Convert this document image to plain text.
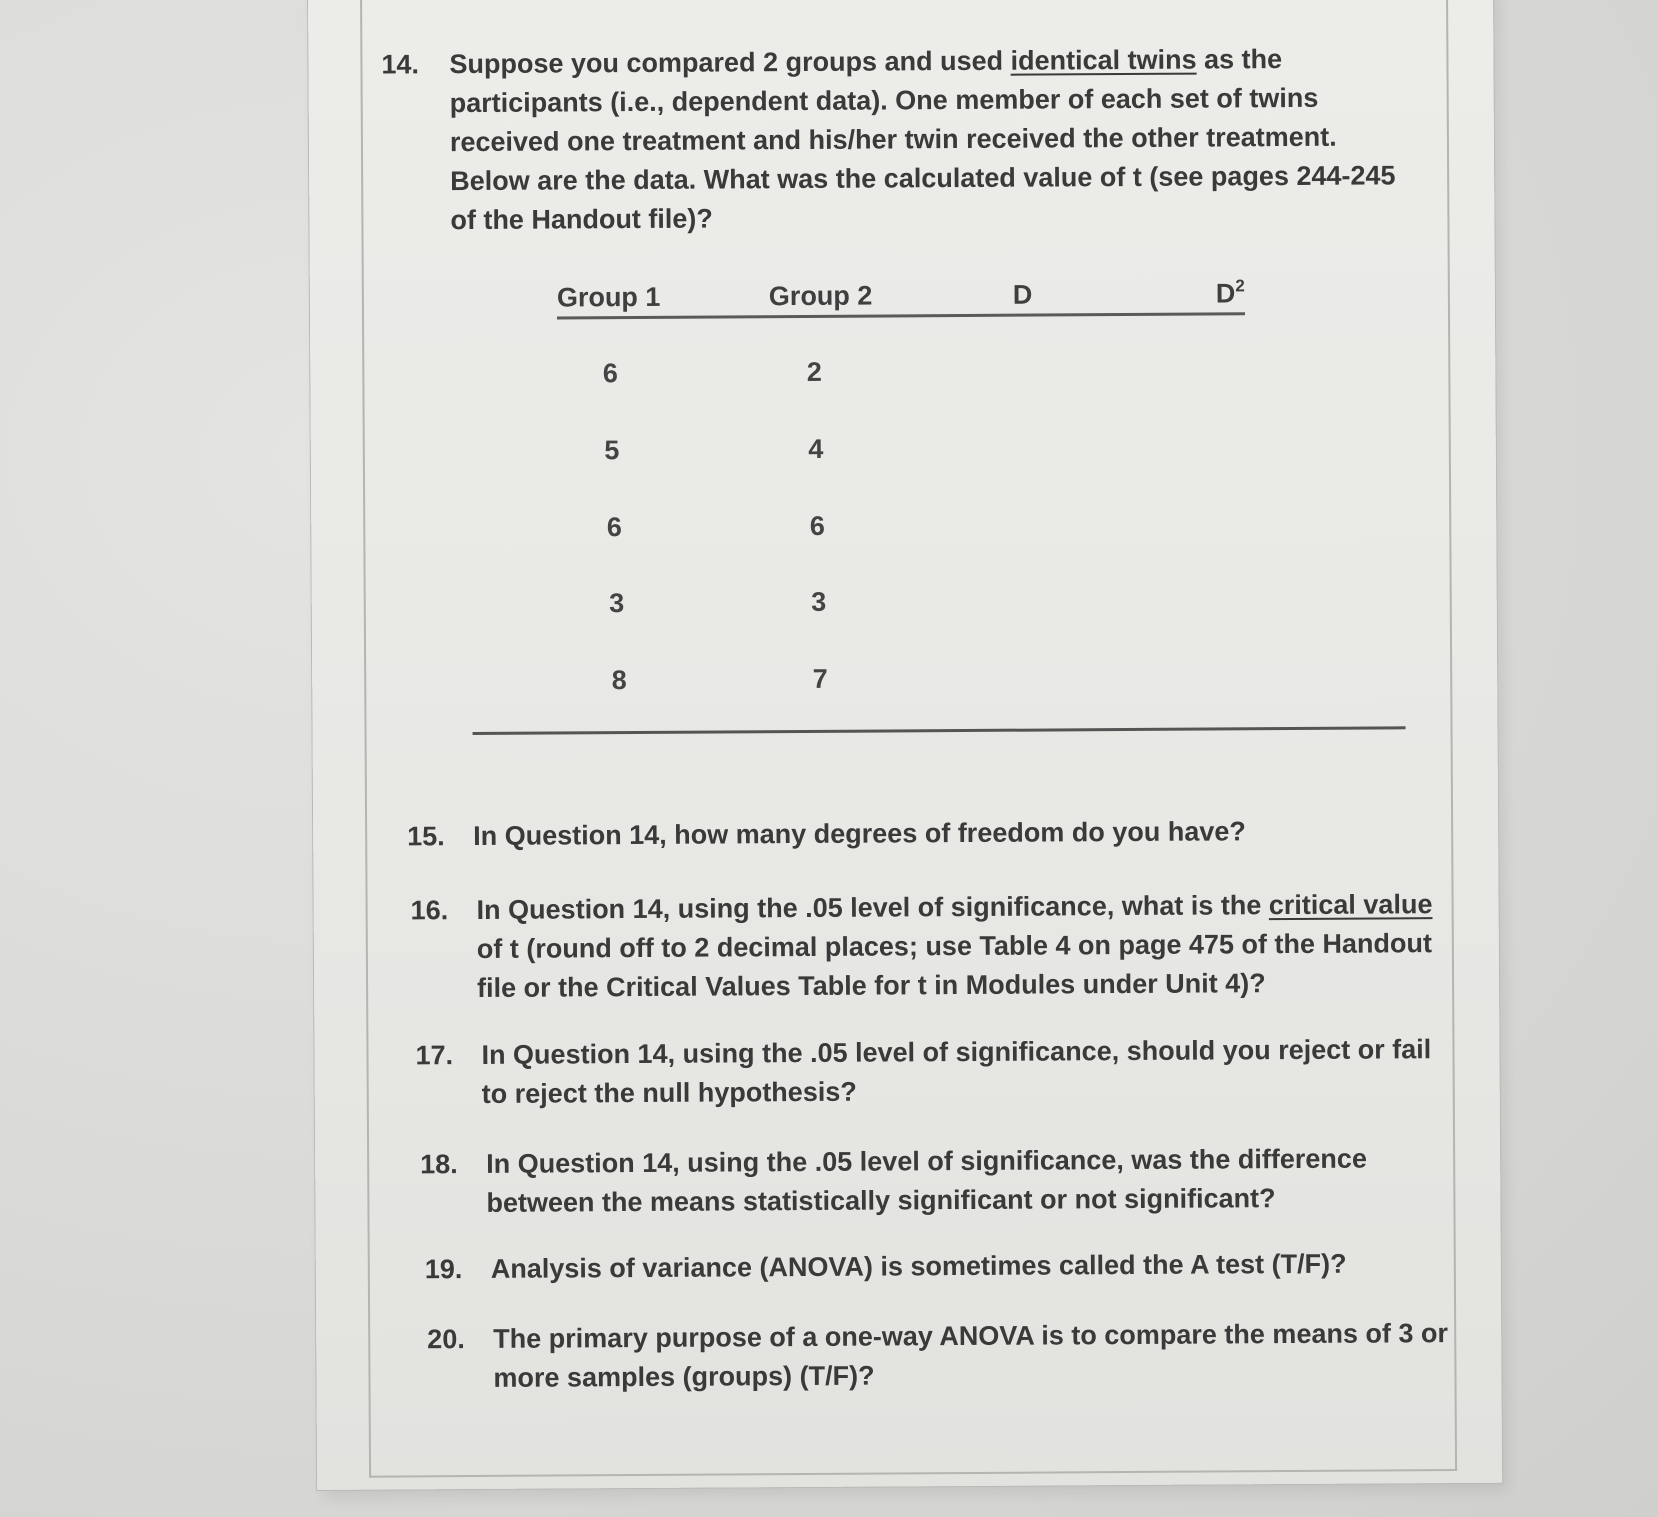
14. Suppose you compared 2 groups and used identical twins as the
participants (i.e., dependent data). One member of each set of twins
received one treatment and his/her twin received the other treatment.
Below are the data. What was the calculated value of t (see pages 244-245
of the Handout file)?
Group 1	Group 2	D	$D^2$
6	2
5	4
6	6
3	3
8	7
15. In Question 14, how many degrees of freedom do you have?
16. In Question 14, using the .05 level of significance, what is the critical value
of t (round off to 2 decimal places; use Table 4 on page 475 of the Handout
file or the Critical Values Table for t in Modules under Unit 4)?
17. In Question 14, using the .05 level of significance, should you reject or fail
to reject the null hypothesis?
18. In Question 14, using the .05 level of significance, was the difference
between the means statistically significant or not significant?
19. Analysis of variance (ANOVA) is sometimes called the A test (T/F)?
20. The primary purpose of a one-way ANOVA is to compare the means of 3 or
more samples (groups) (T/F)?
